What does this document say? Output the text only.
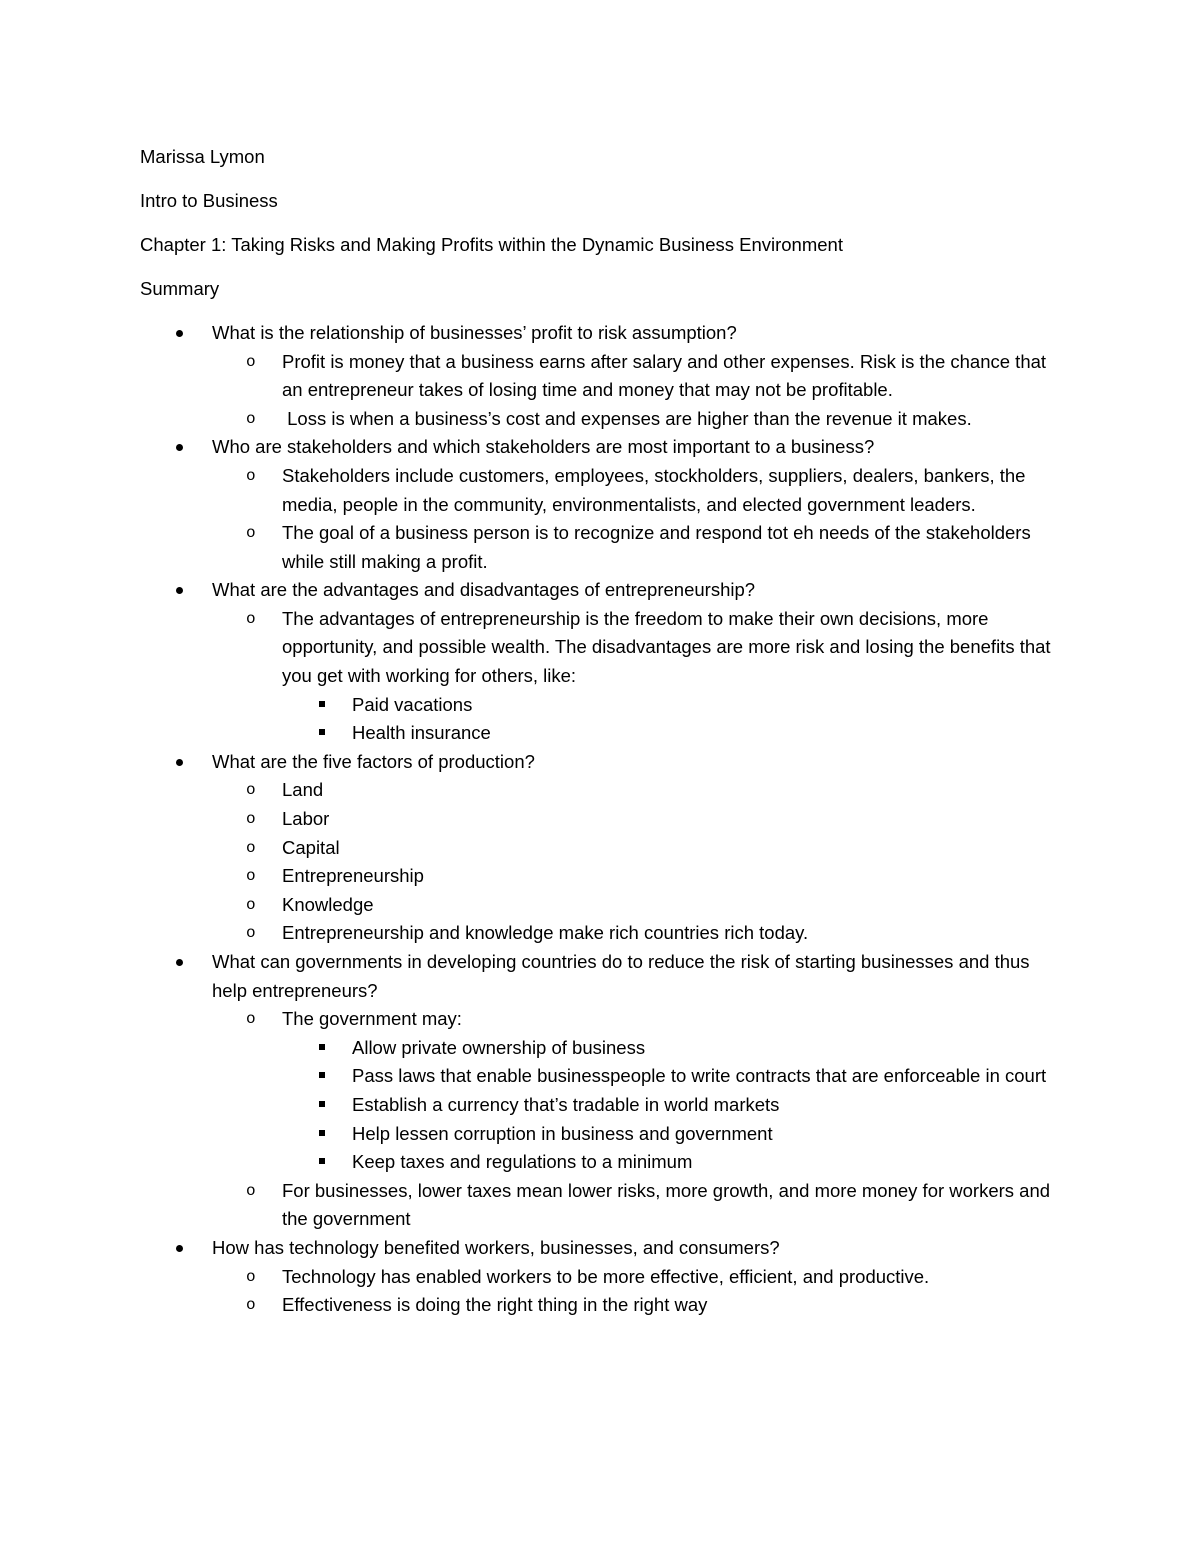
Marissa Lymon
Intro to Business
Chapter 1: Taking Risks and Making Profits within the Dynamic Business Environment
Summary
What is the relationship of businesses’ profit to risk assumption?
o Profit is money that a business earns after salary and other expenses. Risk is the chance that an entrepreneur takes of losing time and money that may not be profitable.
o Loss is when a business’s cost and expenses are higher than the revenue it makes.
Who are stakeholders and which stakeholders are most important to a business?
o Stakeholders include customers, employees, stockholders, suppliers, dealers, bankers, the media, people in the community, environmentalists, and elected government leaders.
o The goal of a business person is to recognize and respond tot eh needs of the stakeholders while still making a profit.
What are the advantages and disadvantages of entrepreneurship?
o The advantages of entrepreneurship is the freedom to make their own decisions, more opportunity, and possible wealth. The disadvantages are more risk and losing the benefits that you get with working for others, like:
Paid vacations
Health insurance
What are the five factors of production?
o Land
o Labor
o Capital
o Entrepreneurship
o Knowledge
o Entrepreneurship and knowledge make rich countries rich today.
What can governments in developing countries do to reduce the risk of starting businesses and thus help entrepreneurs?
o The government may:
Allow private ownership of business
Pass laws that enable businesspeople to write contracts that are enforceable in court
Establish a currency that’s tradable in world markets
Help lessen corruption in business and government
Keep taxes and regulations to a minimum
o For businesses, lower taxes mean lower risks, more growth, and more money for workers and the government
How has technology benefited workers, businesses, and consumers?
o Technology has enabled workers to be more effective, efficient, and productive.
o Effectiveness is doing the right thing in the right way
